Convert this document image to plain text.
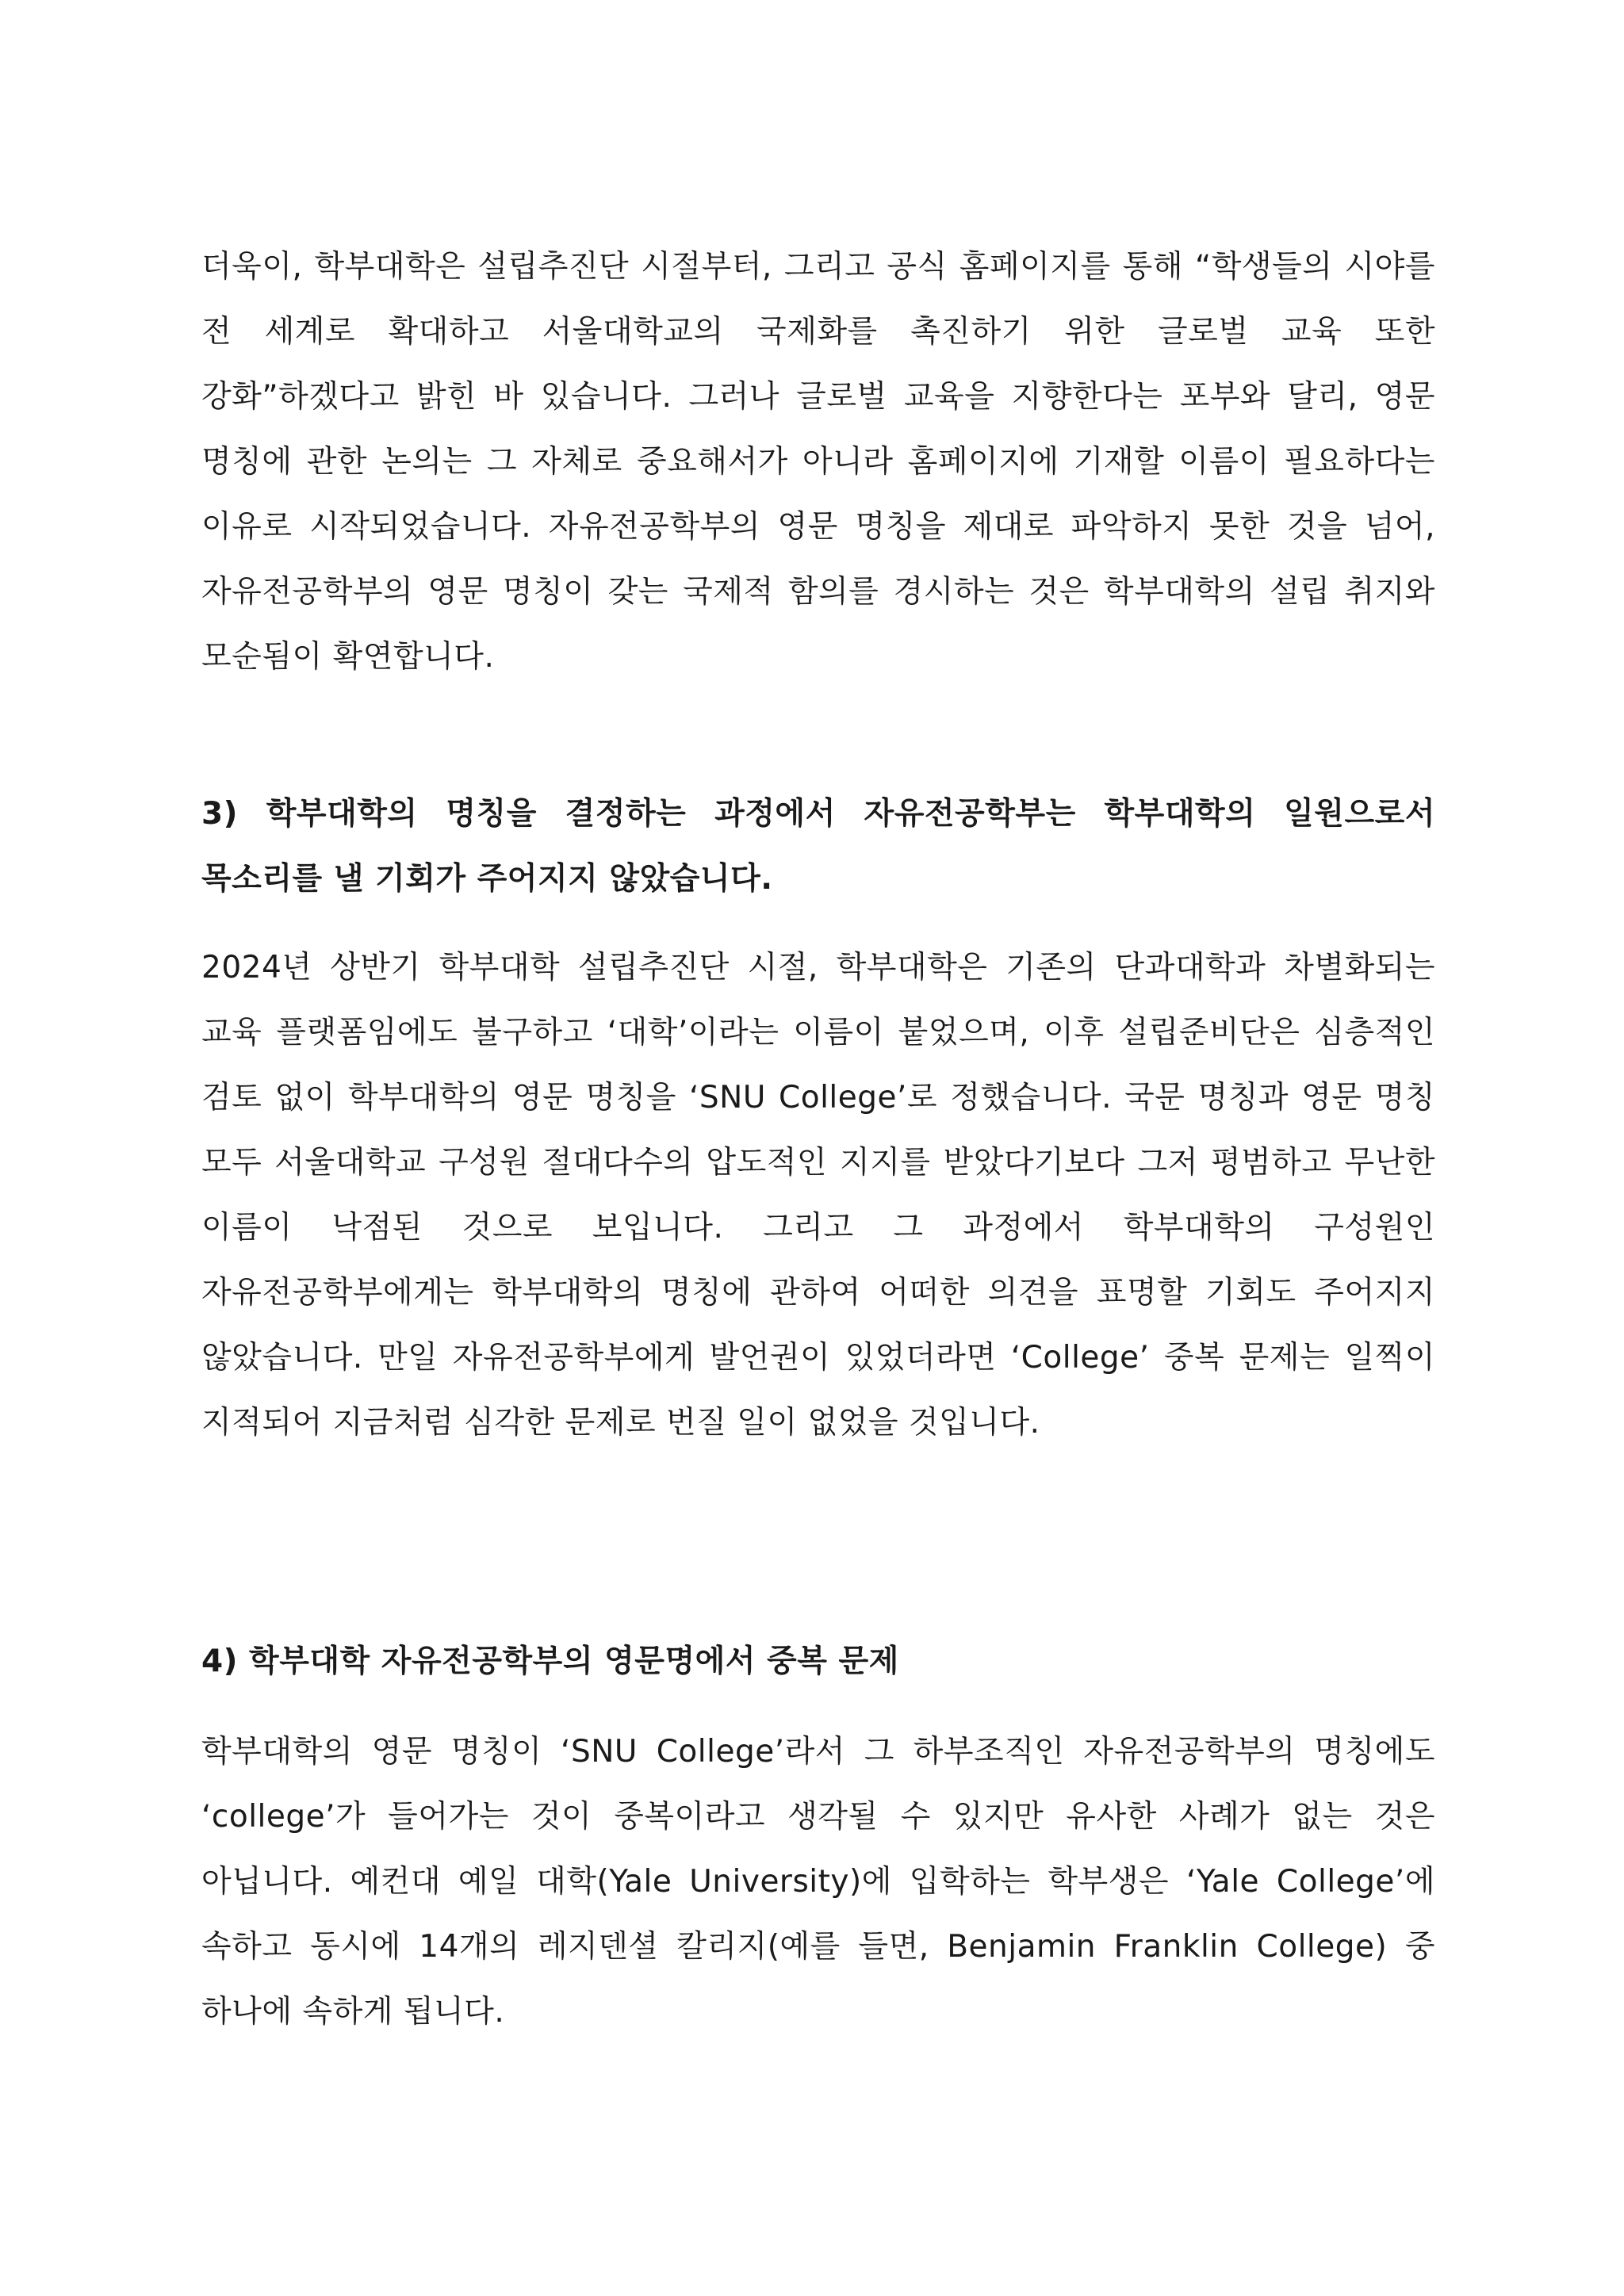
더욱이, 학부대학은 설립추진단 시절부터, 그리고 공식 홈페이지를 통해 “학생들의 시야를 전 세계로 확대하고 서울대학교의 국제화를 촉진하기 위한 글로벌 교육 또한 강화”하겠다고 밝힌 바 있습니다. 그러나 글로벌 교육을 지향한다는 포부와 달리, 영문 명칭에 관한 논의는 그 자체로 중요해서가 아니라 홈페이지에 기재할 이름이 필요하다는 이유로 시작되었습니다. 자유전공학부의 영문 명칭을 제대로 파악하지 못한 것을 넘어, 자유전공학부의 영문 명칭이 갖는 국제적 함의를 경시하는 것은 학부대학의 설립 취지와 모순됨이 확연합니다.

3) 학부대학의 명칭을 결정하는 과정에서 자유전공학부는 학부대학의 일원으로서 목소리를 낼 기회가 주어지지 않았습니다.

2024년 상반기 학부대학 설립추진단 시절, 학부대학은 기존의 단과대학과 차별화되는 교육 플랫폼임에도 불구하고 ‘대학’이라는 이름이 붙었으며, 이후 설립준비단은 심층적인 검토 없이 학부대학의 영문 명칭을 ‘SNU College’로 정했습니다. 국문 명칭과 영문 명칭 모두 서울대학교 구성원 절대다수의 압도적인 지지를 받았다기보다 그저 평범하고 무난한 이름이 낙점된 것으로 보입니다. 그리고 그 과정에서 학부대학의 구성원인 자유전공학부에게는 학부대학의 명칭에 관하여 어떠한 의견을 표명할 기회도 주어지지 않았습니다. 만일 자유전공학부에게 발언권이 있었더라면 ‘College’ 중복 문제는 일찍이 지적되어 지금처럼 심각한 문제로 번질 일이 없었을 것입니다.

4) 학부대학 자유전공학부의 영문명에서 중복 문제

학부대학의 영문 명칭이 ‘SNU College’라서 그 하부조직인 자유전공학부의 명칭에도 ‘college’가 들어가는 것이 중복이라고 생각될 수 있지만 유사한 사례가 없는 것은 아닙니다. 예컨대 예일 대학(Yale University)에 입학하는 학부생은 ‘Yale College’에 속하고 동시에 14개의 레지덴셜 칼리지(예를 들면, Benjamin Franklin College) 중 하나에 속하게 됩니다.
